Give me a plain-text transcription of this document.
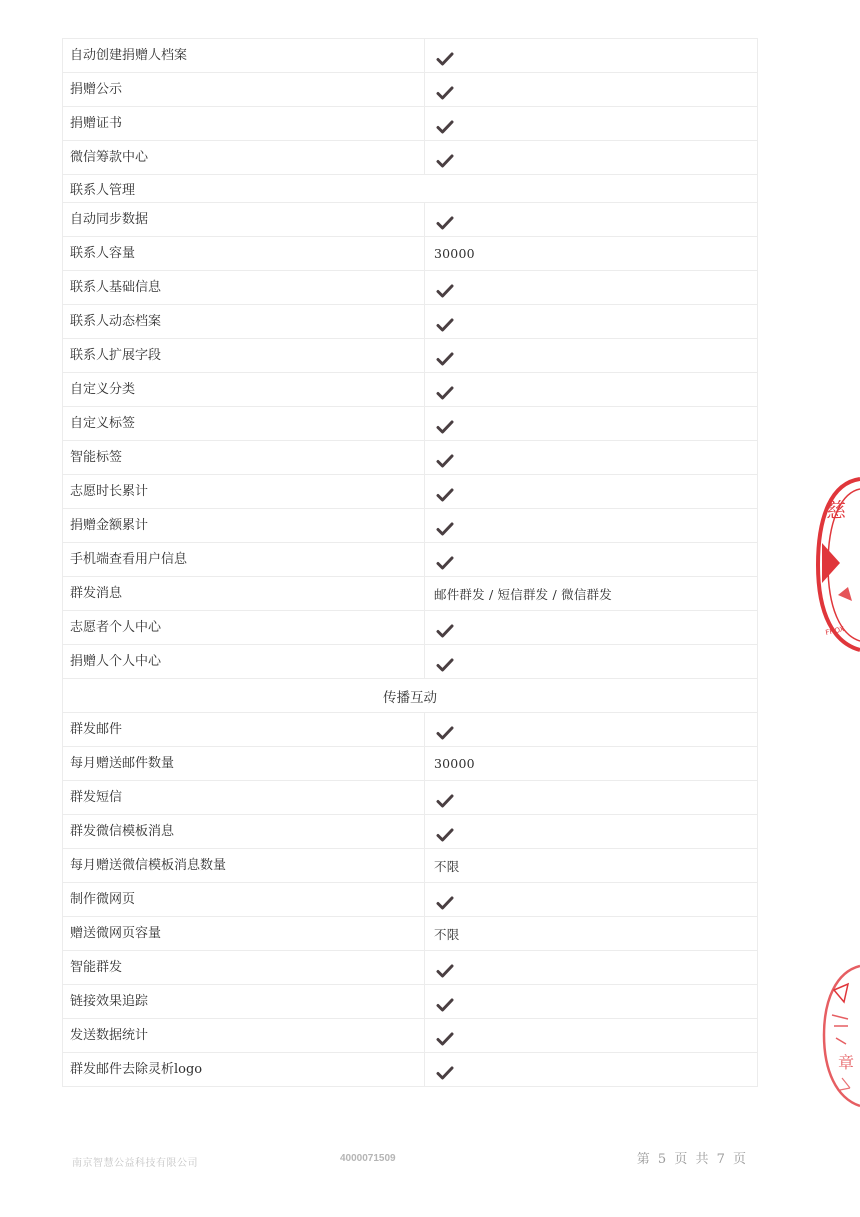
自动创建捐赠人档案	

捐赠公示	

捐赠证书	

微信筹款中心	

联系人管理	
自动同步数据	

联系人容量	30000
联系人基础信息	

联系人动态档案	

联系人扩展字段	

自定义分类	

自定义标签	

智能标签	

志愿时长累计	

捐赠金额累计	

手机端查看用户信息	

群发消息	邮件群发 / 短信群发 / 微信群发
志愿者个人中心	

捐赠人个人中心	

传播互动	
群发邮件	

每月赠送邮件数量	30000
群发短信	

群发微信模板消息	

每月赠送微信模板消息数量	不限
制作微网页	

赠送微网页容量	不限
智能群发	

链接效果追踪	

发送数据统计	

群发邮件去除灵析logo	
南京智慧公益科技有限公司	4000071509	第 5 页 共 7 页
慈
FHOX
章
